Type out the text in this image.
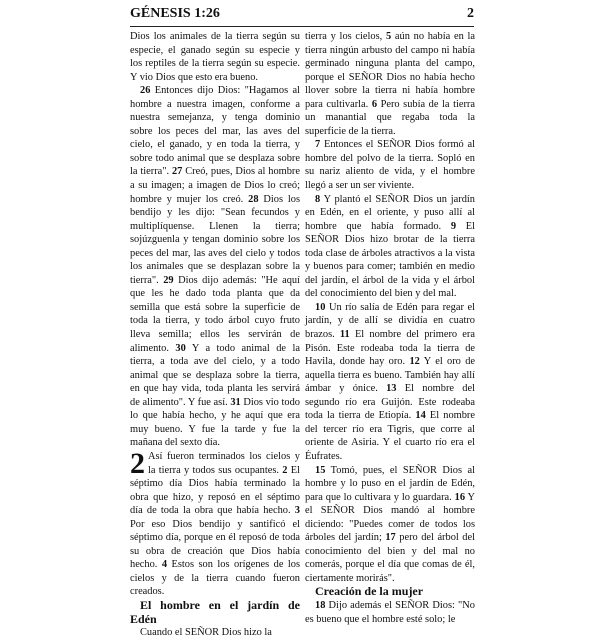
GÉNESIS 1:26	2

Dios los animales de la tierra según su especie, el ganado según su especie y los reptiles de la tierra según su especie. Y vio Dios que esto era bueno.

26 Entonces dijo Dios: "Hagamos al hombre a nuestra imagen, conforme a nuestra semejanza, y tenga dominio sobre los peces del mar, las aves del cielo, el ganado, y en toda la tierra, y sobre todo animal que se desplaza sobre la tierra". 27 Creó, pues, Dios al hombre a su imagen; a imagen de Dios lo creó; hombre y mujer los creó. 28 Dios los bendijo y les dijo: "Sean fecundos y multiplíquense. Llenen la tierra; sojúzguenla y tengan dominio sobre los peces del mar, las aves del cielo y todos los animales que se desplazan sobre la tierra". 29 Dios dijo además: "He aquí que les he dado toda planta que da semilla que está sobre la superficie de toda la tierra, y todo árbol cuyo fruto lleva semilla; ellos les servirán de alimento. 30 Y a todo animal de la tierra, a toda ave del cielo, y a todo animal que se desplaza sobre la tierra, en que hay vida, toda planta les servirá de alimento". Y fue así. 31 Dios vio todo lo que había hecho, y he aquí que era muy bueno. Y fue la tarde y fue la mañana del sexto día.

2 Así fueron terminados los cielos y la tierra y todos sus ocupantes. 2 El séptimo día Dios había terminado la obra que hizo, y reposó en el séptimo día de toda la obra que había hecho. 3 Por eso Dios bendijo y santificó el séptimo día, porque en él reposó de toda su obra de creación que Dios había hecho. 4 Estos son los orígenes de los cielos y de la tierra cuando fueron creados.

El hombre en el jardín de Edén

Cuando el SEÑOR Dios hizo la

tierra y los cielos, 5 aún no había en la tierra ningún arbusto del campo ni había germinado ninguna planta del campo, porque el SEÑOR Dios no había hecho llover sobre la tierra ni había hombre para cultivarla. 6 Pero subía de la tierra un manantial que regaba toda la superficie de la tierra.

7 Entonces el SEÑOR Dios formó al hombre del polvo de la tierra. Sopló en su nariz aliento de vida, y el hombre llegó a ser un ser viviente.

8 Y plantó el SEÑOR Dios un jardín en Edén, en el oriente, y puso allí al hombre que había formado. 9 El SEÑOR Dios hizo brotar de la tierra toda clase de árboles atractivos a la vista y buenos para comer; también en medio del jardín, el árbol de la vida y el árbol del conocimiento del bien y del mal.

10 Un río salía de Edén para regar el jardín, y de allí se dividía en cuatro brazos. 11 El nombre del primero era Pisón. Este rodeaba toda la tierra de Havila, donde hay oro. 12 Y el oro de aquella tierra es bueno. También hay allí ámbar y ónice. 13 El nombre del segundo río era Guijón. Este rodeaba toda la tierra de Etiopía. 14 El nombre del tercer río era Tigris, que corre al oriente de Asiria. Y el cuarto río era el Éufrates.

15 Tomó, pues, el SEÑOR Dios al hombre y lo puso en el jardín de Edén, para que lo cultivara y lo guardara. 16 Y el SEÑOR Dios mandó al hombre diciendo: "Puedes comer de todos los árboles del jardín; 17 pero del árbol del conocimiento del bien y del mal no comerás, porque el día que comas de él, ciertamente morirás".

Creación de la mujer

18 Dijo además el SEÑOR Dios: "No es bueno que el hombre esté solo; le
